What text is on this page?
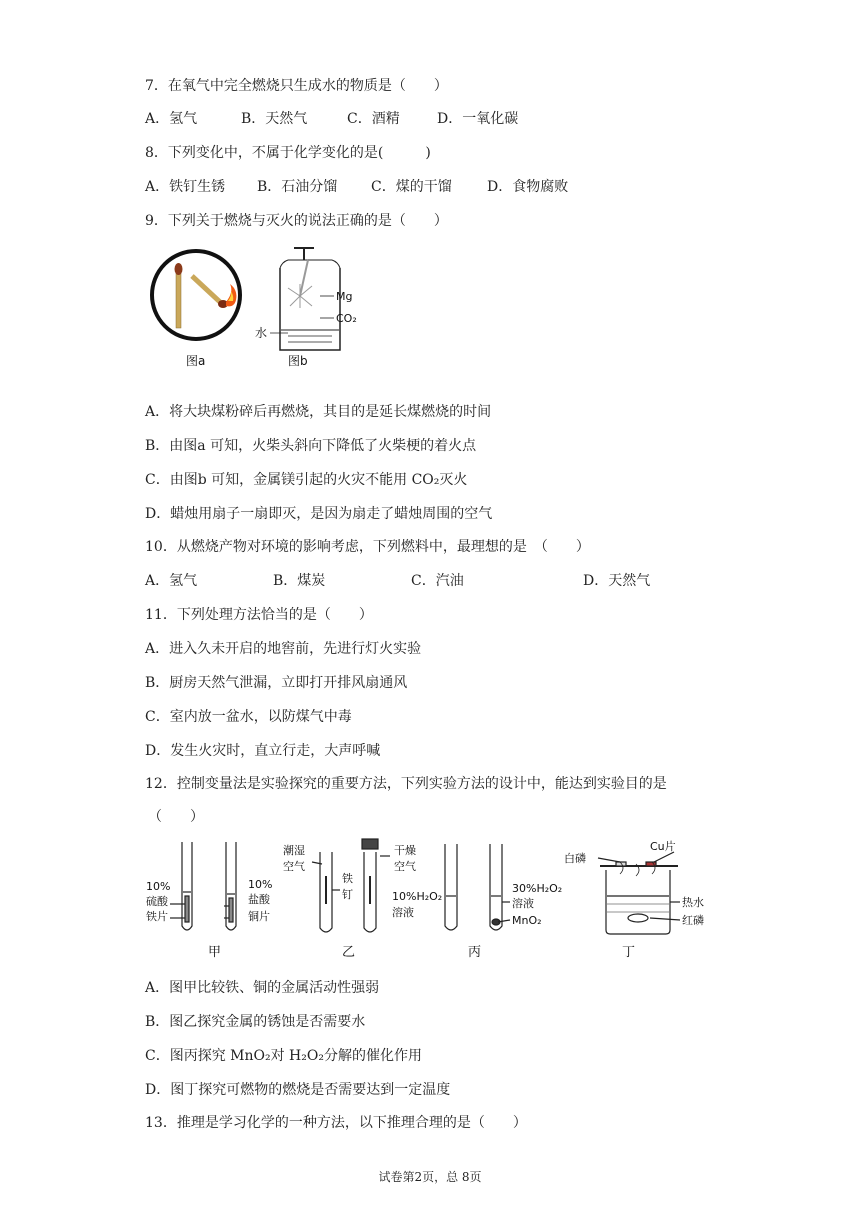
7．在氧气中完全燃烧只生成水的物质是（　　）
A．氢气	B．天然气	C．酒精	D．一氧化碳
8．下列变化中，不属于化学变化的是(　　　)
A．铁钉生锈 B．石油分馏 C．煤的干馏	D．食物腐败
9．下列关于燃烧与灭火的说法正确的是（　　）
图a
Mg
CO₂
水
图b
A．将大块煤粉碎后再燃烧，其目的是延长煤燃烧的时间
B．由图a 可知，火柴头斜向下降低了火柴梗的着火点
C．由图b 可知，金属镁引起的火灾不能用 CO₂灭火
D．蜡烛用扇子一扇即灭，是因为扇走了蜡烛周围的空气
10．从燃烧产物对环境的影响考虑，下列燃料中，最理想的是　（　　）
A．氢气	B．煤炭	C．汽油	D．天然气
11．下列处理方法恰当的是（　　）
A．进入久未开启的地窖前，先进行灯火实验
B．厨房天然气泄漏，立即打开排风扇通风
C．室内放一盆水，以防煤气中毒
D．发生火灾时，直立行走，大声呼喊
12．控制变量法是实验探究的重要方法，下列实验方法的设计中，能达到实验目的是
（　　）
10%
硫酸
铁片
10%
盐酸
铜片
潮湿
空气
铁
钉
干燥
空气
10%H₂O₂
溶液
30%H₂O₂
溶液
MnO₂
白磷
Cu片
热水
红磷
甲	乙	丙	丁
A．图甲比较铁、铜的金属活动性强弱
B．图乙探究金属的锈蚀是否需要水
C．图丙探究 MnO₂对 H₂O₂分解的催化作用
D．图丁探究可燃物的燃烧是否需要达到一定温度
13．推理是学习化学的一种方法，以下推理合理的是（　　）
试卷第2页，总 8页
